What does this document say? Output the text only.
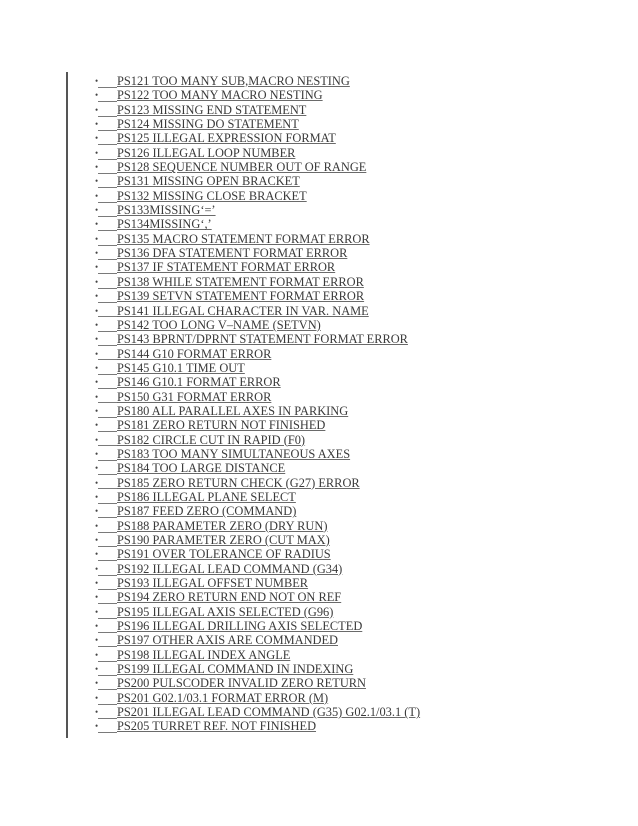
• PS121 TOO MANY SUB,MACRO NESTING
• PS122 TOO MANY MACRO NESTING
• PS123 MISSING END STATEMENT
• PS124 MISSING DO STATEMENT
• PS125 ILLEGAL EXPRESSION FORMAT
• PS126 ILLEGAL LOOP NUMBER
• PS128 SEQUENCE NUMBER OUT OF RANGE
• PS131 MISSING OPEN BRACKET
• PS132 MISSING CLOSE BRACKET
• PS133MISSING‘=’
• PS134MISSING‘,’
• PS135 MACRO STATEMENT FORMAT ERROR
• PS136 DFA STATEMENT FORMAT ERROR
• PS137 IF STATEMENT FORMAT ERROR
• PS138 WHILE STATEMENT FORMAT ERROR
• PS139 SETVN STATEMENT FORMAT ERROR
• PS141 ILLEGAL CHARACTER IN VAR. NAME
• PS142 TOO LONG V–NAME (SETVN)
• PS143 BPRNT/DPRNT STATEMENT FORMAT ERROR
• PS144 G10 FORMAT ERROR
• PS145 G10.1 TIME OUT
• PS146 G10.1 FORMAT ERROR
• PS150 G31 FORMAT ERROR
• PS180 ALL PARALLEL AXES IN PARKING
• PS181 ZERO RETURN NOT FINISHED
• PS182 CIRCLE CUT IN RAPID (F0)
• PS183 TOO MANY SIMULTANEOUS AXES
• PS184 TOO LARGE DISTANCE
• PS185 ZERO RETURN CHECK (G27) ERROR
• PS186 ILLEGAL PLANE SELECT
• PS187 FEED ZERO (COMMAND)
• PS188 PARAMETER ZERO (DRY RUN)
• PS190 PARAMETER ZERO (CUT MAX)
• PS191 OVER TOLERANCE OF RADIUS
• PS192 ILLEGAL LEAD COMMAND (G34)
• PS193 ILLEGAL OFFSET NUMBER
• PS194 ZERO RETURN END NOT ON REF
• PS195 ILLEGAL AXIS SELECTED (G96)
• PS196 ILLEGAL DRILLING AXIS SELECTED
• PS197 OTHER AXIS ARE COMMANDED
• PS198 ILLEGAL INDEX ANGLE
• PS199 ILLEGAL COMMAND IN INDEXING
• PS200 PULSCODER INVALID ZERO RETURN
• PS201 G02.1/03.1 FORMAT ERROR (M)
• PS201 ILLEGAL LEAD COMMAND (G35) G02.1/03.1 (T)
• PS205 TURRET REF. NOT FINISHED
